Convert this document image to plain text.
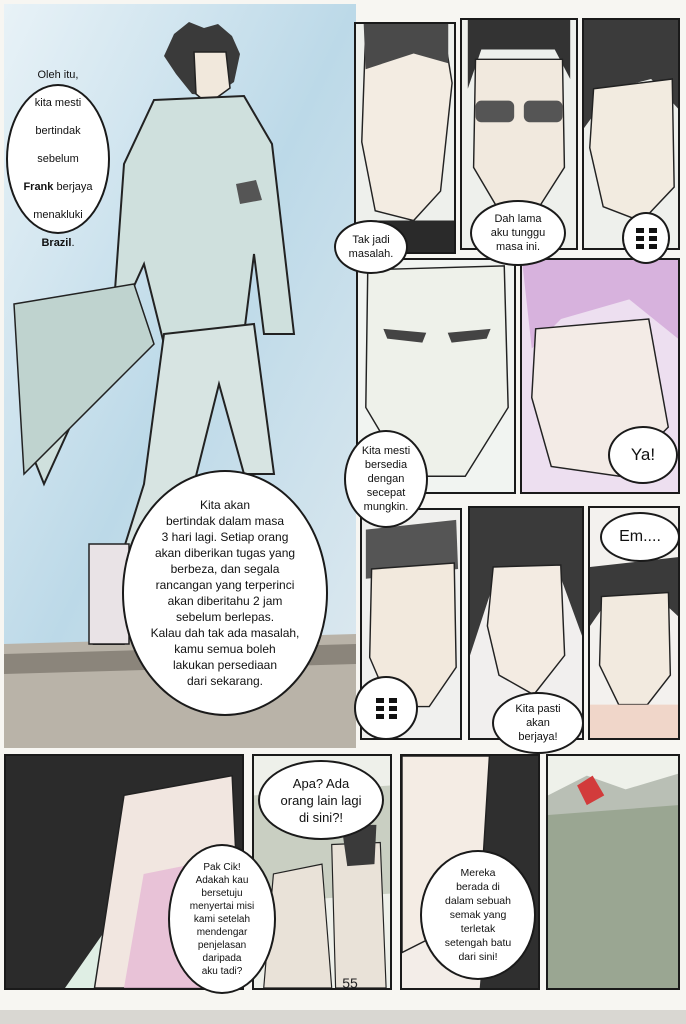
Oleh itu,

kita mesti

bertindak

sebelum

Frank berjaya

menakluki

Brazil.

Kita akan
bertindak dalam masa
3 hari lagi. Setiap orang
akan diberikan tugas yang
berbeza, dan segala
rancangan yang terperinci
akan diberitahu 2 jam
sebelum berlepas.
Kalau dah tak ada masalah,
kamu semua boleh
lakukan persediaan
dari sekarang.
Tak jadi
masalah.
Dah lama
aku tunggu
masa ini.
Kita mesti
bersedia
dengan
secepat
mungkin.
Ya!
Em....
Kita pasti
akan
berjaya!
Apa? Ada
orang lain lagi
di sini?!
Pak Cik!
Adakah kau
bersetuju
menyertai misi
kami setelah
mendengar
penjelasan
daripada
aku tadi?
Mereka
berada di
dalam sebuah
semak yang
terletak
setengah batu
dari sini!
55
